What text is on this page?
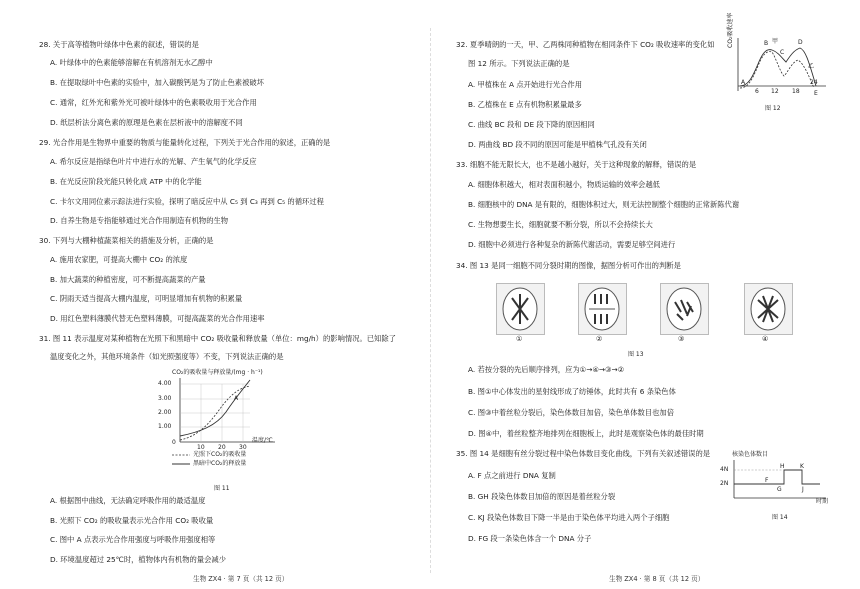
28. 关于高等植物叶绿体中色素的叙述，错误的是
A. 叶绿体中的色素能够溶解在有机溶剂无水乙醇中
B. 在提取绿叶中色素的实验中，加入碳酸钙是为了防止色素被破坏
C. 通常，红外光和紫外光可被叶绿体中的色素吸收用于光合作用
D. 纸层析法分离色素的原理是色素在层析液中的溶解度不同
29. 光合作用是生物界中重要的物质与能量转化过程，下列关于光合作用的叙述，正确的是
A. 希尔反应是指绿色叶片中进行水的光解、产生氧气的化学反应
B. 在光反应阶段光能只转化成 ATP 中的化学能
C. 卡尔文用同位素示踪法进行实验，探明了暗反应中从 C₅ 到 C₃ 再到 C₅ 的循环过程
D. 自养生物是专指能够通过光合作用制造有机物的生物
30. 下列与大棚种植蔬菜相关的措施及分析，正确的是
A. 施用农家肥，可提高大棚中 CO₂ 的浓度
B. 加大蔬菜的种植密度，可不断提高蔬菜的产量
C. 阴雨天适当提高大棚内温度，可明显增加有机物的积累量
D. 用红色塑料薄膜代替无色塑料薄膜，可提高蔬菜的光合作用速率
31. 图 11 表示温度对某种植物在光照下和黑暗中 CO₂ 吸收量和释放量（单位：mg/h）的影响情况。已知除了
温度变化之外，其他环境条件（如光照强度等）不变，下列说法正确的是
CO₂的吸收量与释放量/(mg · h⁻¹)
4.00
3.00
2.00
1.00
0
10 20 30
温度/℃
A
光照下CO₂的吸收量
黑暗中CO₂的释放量
图 11
A. 根据图中曲线，无法确定呼吸作用的最适温度
B. 光照下 CO₂ 的吸收量表示光合作用 CO₂ 吸收量
C. 图中 A 点表示光合作用强度与呼吸作用强度相等
D. 环境温度超过 25℃时，植物体内有机物的量会减少
生物 ZX4 · 第 7 页（共 12 页）
32. 夏季晴朗的一天，甲、乙两株同种植物在相同条件下 CO₂ 吸收速率的变化如
图 12 所示。下列说法正确的是
A. 甲植株在 A 点开始进行光合作用
B. 乙植株在 E 点有机物积累量最多
C. 曲线 BC 段和 DE 段下降的原因相同
D. 两曲线 BD 段不同的原因可能是甲植株气孔没有关闭
CO₂吸收速率
6 12 18
24
A
B
C
D
E
甲
乙
图 12
33. 细胞不能无限长大，也不是越小越好，关于这种现象的解释，错误的是
A. 细胞体积越大，相对表面积越小，物质运输的效率会越低
B. 细胞核中的 DNA 是有限的，细胞体积过大，则无法控制整个细胞的正常新陈代谢
C. 生物想要生长，细胞就要不断分裂，所以不会持续长大
D. 细胞中必须进行各种复杂的新陈代谢活动，需要足够空间进行
34. 图 13 是同一细胞不同分裂时期的图像，据图分析可作出的判断是
①	②	③	④
图 13
A. 若按分裂的先后顺序排列，应为①→④→③→②
B. 图①中心体发出的星射线形成了纺锤体，此时共有 6 条染色体
C. 图③中着丝粒分裂后，染色体数目加倍，染色单体数目也加倍
D. 图④中，着丝粒整齐地排列在细胞板上，此时是观察染色体的最佳时期
35. 图 14 是细胞有丝分裂过程中染色体数目变化曲线，下列有关叙述错误的是
A. F 点之前进行 DNA 复制
B. GH 段染色体数目加倍的原因是着丝粒分裂
C. KJ 段染色体数目下降一半是由于染色体平均进入两个子细胞
D. FG 段一条染色体含一个 DNA 分子
核染色体数目
4N
2N	F
G
H	K
J
时期
图 14
生物 ZX4 · 第 8 页（共 12 页）
